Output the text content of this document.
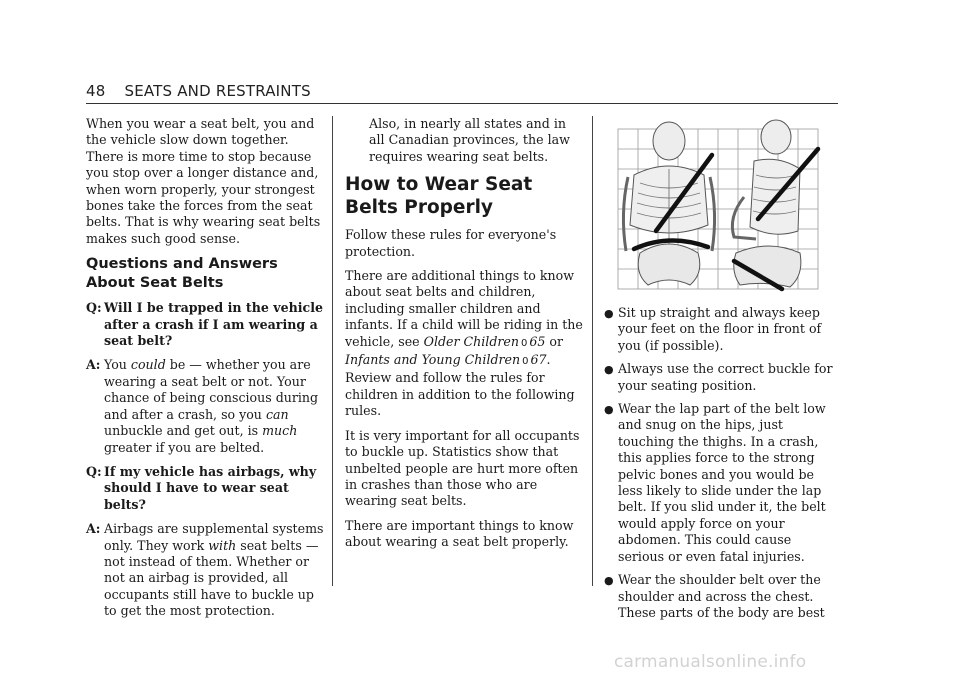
48 SEATS AND RESTRAINTS

When you wear a seat belt, you and the vehicle slow down together. There is more time to stop because you stop over a longer distance and, when worn properly, your strongest bones take the forces from the seat belts. That is why wearing seat belts makes such good sense.

Questions and Answers About Seat Belts
Q: Will I be trapped in the vehicle after a crash if I am wearing a seat belt?
A: You could be — whether you are wearing a seat belt or not. Your chance of being conscious during and after a crash, so you can unbuckle and get out, is much greater if you are belted.
Q: If my vehicle has airbags, why should I have to wear seat belts?
A: Airbags are supplemental systems only. They work with seat belts — not instead of them. Whether or not an airbag is provided, all occupants still have to buckle up to get the most protection.

Also, in nearly all states and in all Canadian provinces, the law requires wearing seat belts.

How to Wear Seat Belts Properly

Follow these rules for everyone's protection.

There are additional things to know about seat belts and children, including smaller children and infants. If a child will be riding in the vehicle, see Older Children 0 65 or
Infants and Young Children 0 67. Review and follow the rules for children in addition to the following rules.

It is very important for all occupants to buckle up. Statistics show that unbelted people are hurt more often in crashes than those who are wearing seat belts.

There are important things to know about wearing a seat belt properly.

● Sit up straight and always keep your feet on the floor in front of you (if possible).
● Always use the correct buckle for your seating position.
● Wear the lap part of the belt low and snug on the hips, just touching the thighs. In a crash, this applies force to the strong pelvic bones and you would be less likely to slide under the lap belt. If you slid under it, the belt would apply force on your abdomen. This could cause serious or even fatal injuries.
● Wear the shoulder belt over the shoulder and across the chest. These parts of the body are best
carmanualsonline.info
